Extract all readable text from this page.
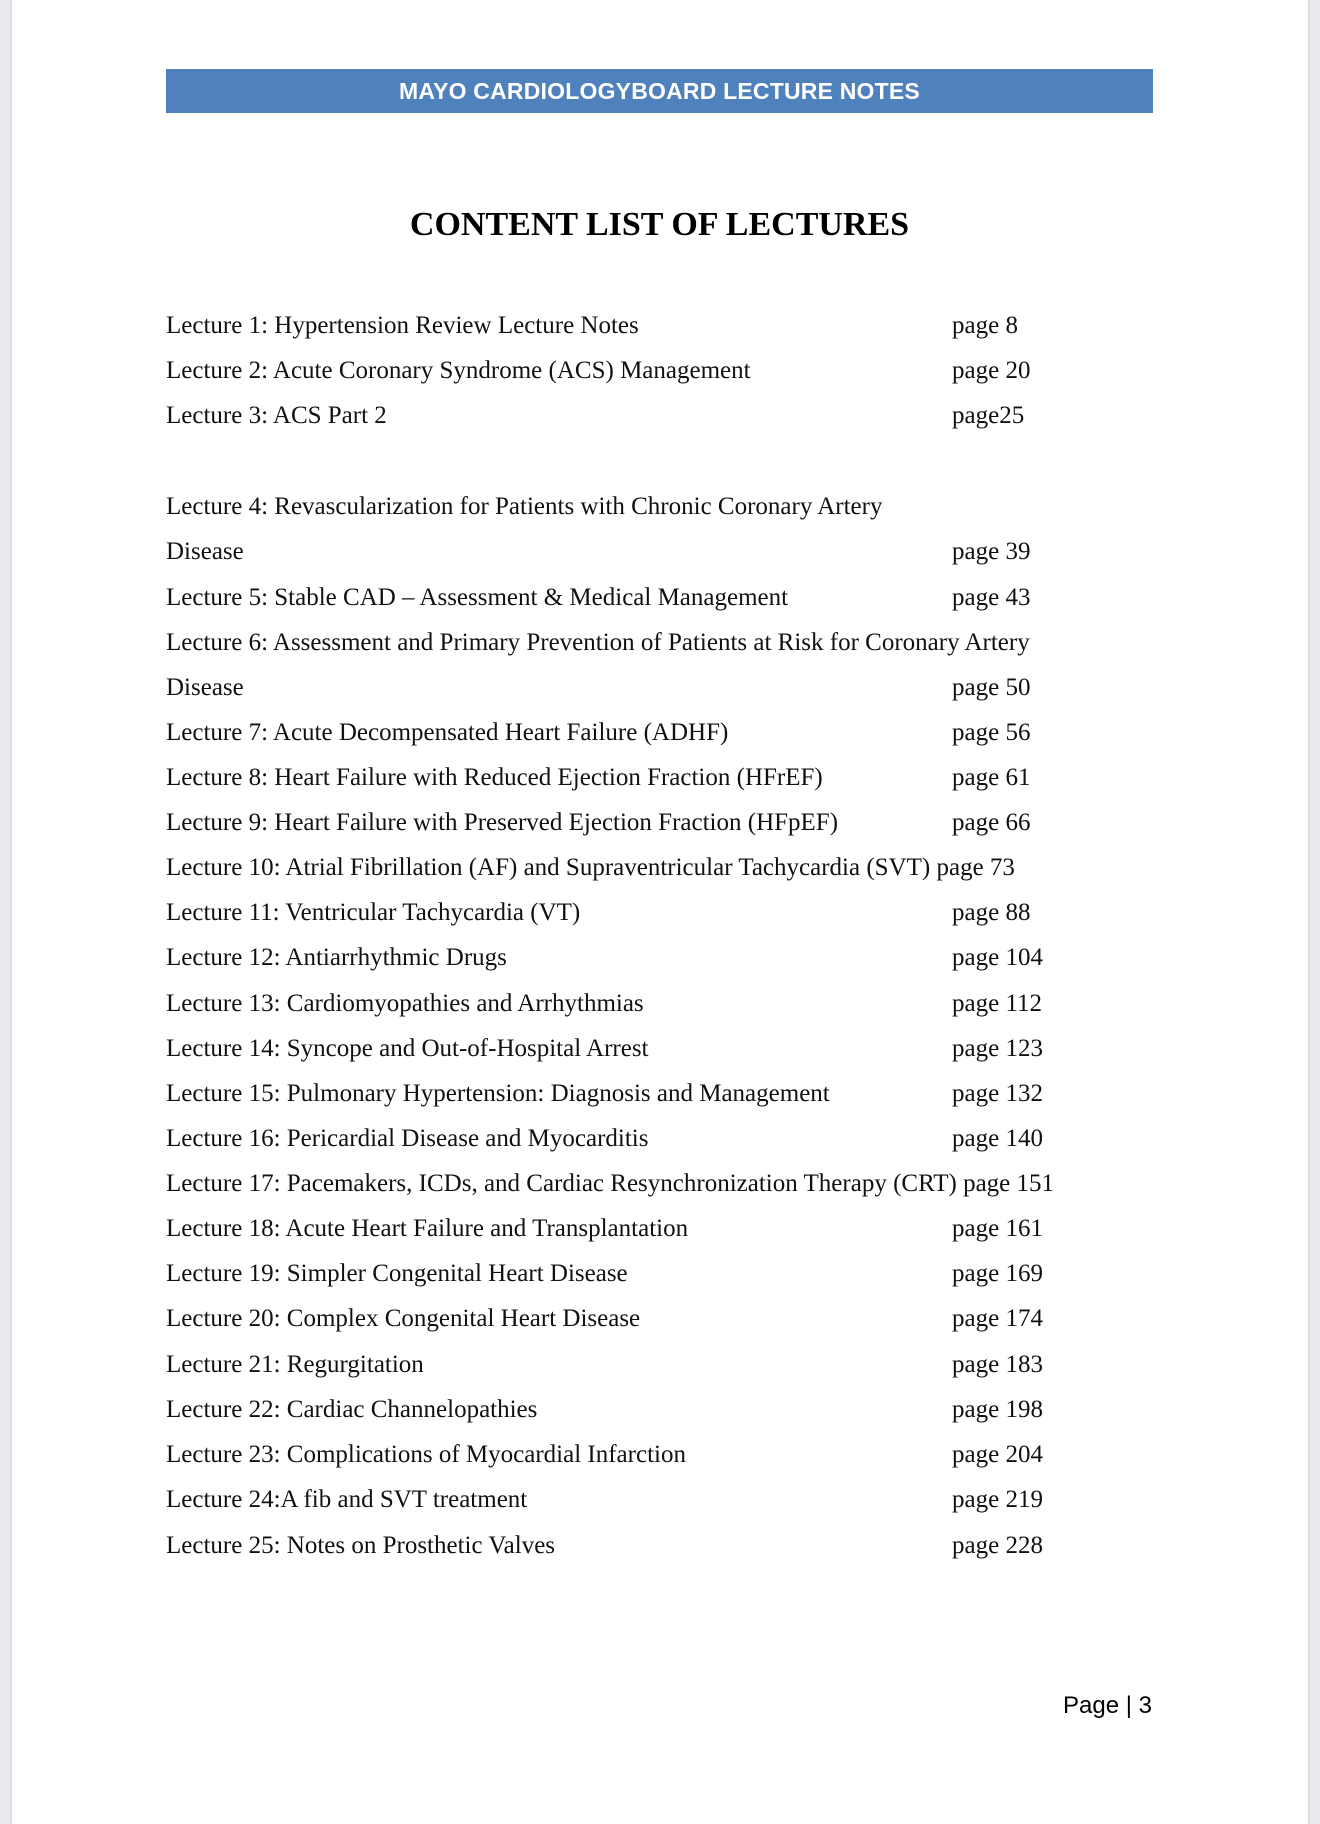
MAYO CARDIOLOGYBOARD LECTURE NOTES
CONTENT LIST OF LECTURES
Lecture 1: Hypertension Review Lecture Notes	page 8
Lecture 2: Acute Coronary Syndrome (ACS) Management	page 20
Lecture 3: ACS Part 2	page25
Lecture 4: Revascularization for Patients with Chronic Coronary Artery
Disease	page 39
Lecture 5: Stable CAD – Assessment & Medical Management	page 43
Lecture 6: Assessment and Primary Prevention of Patients at Risk for Coronary Artery
Disease	page 50
Lecture 7: Acute Decompensated Heart Failure (ADHF)	page 56
Lecture 8: Heart Failure with Reduced Ejection Fraction (HFrEF)	page 61
Lecture 9: Heart Failure with Preserved Ejection Fraction (HFpEF)	page 66
Lecture 10: Atrial Fibrillation (AF) and Supraventricular Tachycardia (SVT) page 73
Lecture 11: Ventricular Tachycardia (VT)	page 88
Lecture 12: Antiarrhythmic Drugs	page 104
Lecture 13: Cardiomyopathies and Arrhythmias	page 112
Lecture 14: Syncope and Out-of-Hospital Arrest	page 123
Lecture 15: Pulmonary Hypertension: Diagnosis and Management	page 132
Lecture 16: Pericardial Disease and Myocarditis	page 140
Lecture 17: Pacemakers, ICDs, and Cardiac Resynchronization Therapy (CRT) page 151
Lecture 18: Acute Heart Failure and Transplantation	page 161
Lecture 19: Simpler Congenital Heart Disease	page 169
Lecture 20: Complex Congenital Heart Disease	page 174
Lecture 21: Regurgitation	page 183
Lecture 22: Cardiac Channelopathies	page 198
Lecture 23: Complications of Myocardial Infarction	page 204
Lecture 24:A fib and SVT treatment	page 219
Lecture 25: Notes on Prosthetic Valves	page 228
Page | 3
